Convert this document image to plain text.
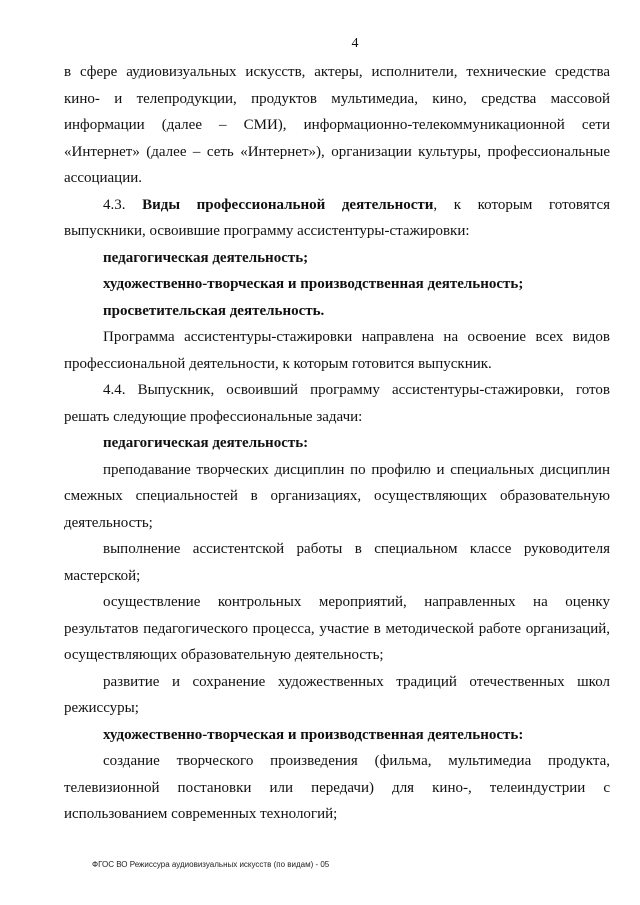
4

в сфере аудиовизуальных искусств, актеры, исполнители, технические средства кино- и телепродукции, продуктов мультимедиа, кино, средства массовой информации (далее – СМИ), информационно-телекоммуникационной сети «Интернет» (далее – сеть «Интернет»), организации культуры, профессиональные ассоциации.

4.3. Виды профессиональной деятельности, к которым готовятся выпускники, освоившие программу ассистентуры-стажировки:

педагогическая деятельность;

художественно-творческая и производственная деятельность;

просветительская деятельность.

Программа ассистентуры-стажировки направлена на освоение всех видов профессиональной деятельности, к которым готовится выпускник.

4.4. Выпускник, освоивший программу ассистентуры-стажировки, готов решать следующие профессиональные задачи:

педагогическая деятельность:

преподавание творческих дисциплин по профилю и специальных дисциплин смежных специальностей в организациях, осуществляющих образовательную деятельность;

выполнение ассистентской работы в специальном классе руководителя мастерской;

осуществление контрольных мероприятий, направленных на оценку результатов педагогического процесса, участие в методической работе организаций, осуществляющих образовательную деятельность;

развитие и сохранение художественных традиций отечественных школ режиссуры;

художественно-творческая и производственная деятельность:

создание творческого произведения (фильма, мультимедиа продукта, телевизионной постановки или передачи) для кино-, телеиндустрии с использованием современных технологий;

ФГОС ВО Режиссура аудиовизуальных искусств (по видам) - 05
